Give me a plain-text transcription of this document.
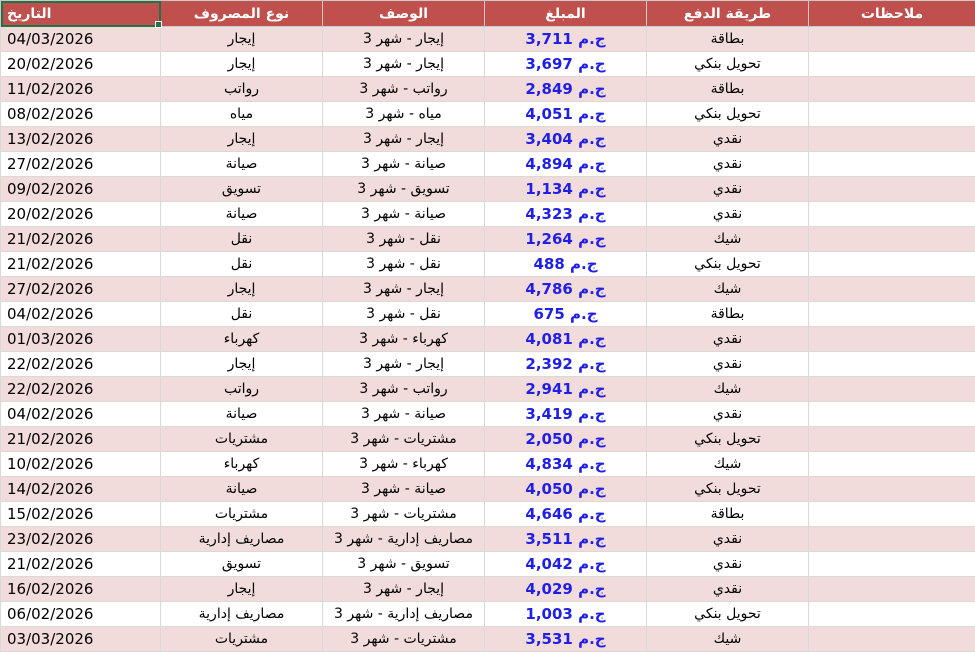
التاريخ	نوع المصروف	الوصف	المبلغ	طريقة الدفع	ملاحظات
04/03/2026	إيجار	إيجار - شهر 3	ج.م 3,711	بطاقة	
20/02/2026	إيجار	إيجار - شهر 3	ج.م 3,697	تحويل بنكي	
11/02/2026	رواتب	رواتب - شهر 3	ج.م 2,849	بطاقة	
08/02/2026	مياه	مياه - شهر 3	ج.م 4,051	تحويل بنكي	
13/02/2026	إيجار	إيجار - شهر 3	ج.م 3,404	نقدي	
27/02/2026	صيانة	صيانة - شهر 3	ج.م 4,894	نقدي	
09/02/2026	تسويق	تسويق - شهر 3	ج.م 1,134	نقدي	
20/02/2026	صيانة	صيانة - شهر 3	ج.م 4,323	نقدي	
21/02/2026	نقل	نقل - شهر 3	ج.م 1,264	شيك	
21/02/2026	نقل	نقل - شهر 3	ج.م 488	تحويل بنكي	
27/02/2026	إيجار	إيجار - شهر 3	ج.م 4,786	شيك	
04/02/2026	نقل	نقل - شهر 3	ج.م 675	بطاقة	
01/03/2026	كهرباء	كهرباء - شهر 3	ج.م 4,081	نقدي	
22/02/2026	إيجار	إيجار - شهر 3	ج.م 2,392	نقدي	
22/02/2026	رواتب	رواتب - شهر 3	ج.م 2,941	شيك	
04/02/2026	صيانة	صيانة - شهر 3	ج.م 3,419	نقدي	
21/02/2026	مشتريات	مشتريات - شهر 3	ج.م 2,050	تحويل بنكي	
10/02/2026	كهرباء	كهرباء - شهر 3	ج.م 4,834	شيك	
14/02/2026	صيانة	صيانة - شهر 3	ج.م 4,050	تحويل بنكي	
15/02/2026	مشتريات	مشتريات - شهر 3	ج.م 4,646	بطاقة	
23/02/2026	مصاريف إدارية	مصاريف إدارية - شهر 3	ج.م 3,511	نقدي	
21/02/2026	تسويق	تسويق - شهر 3	ج.م 4,042	نقدي	
16/02/2026	إيجار	إيجار - شهر 3	ج.م 4,029	نقدي	
06/02/2026	مصاريف إدارية	مصاريف إدارية - شهر 3	ج.م 1,003	تحويل بنكي	
03/03/2026	مشتريات	مشتريات - شهر 3	ج.م 3,531	شيك	
